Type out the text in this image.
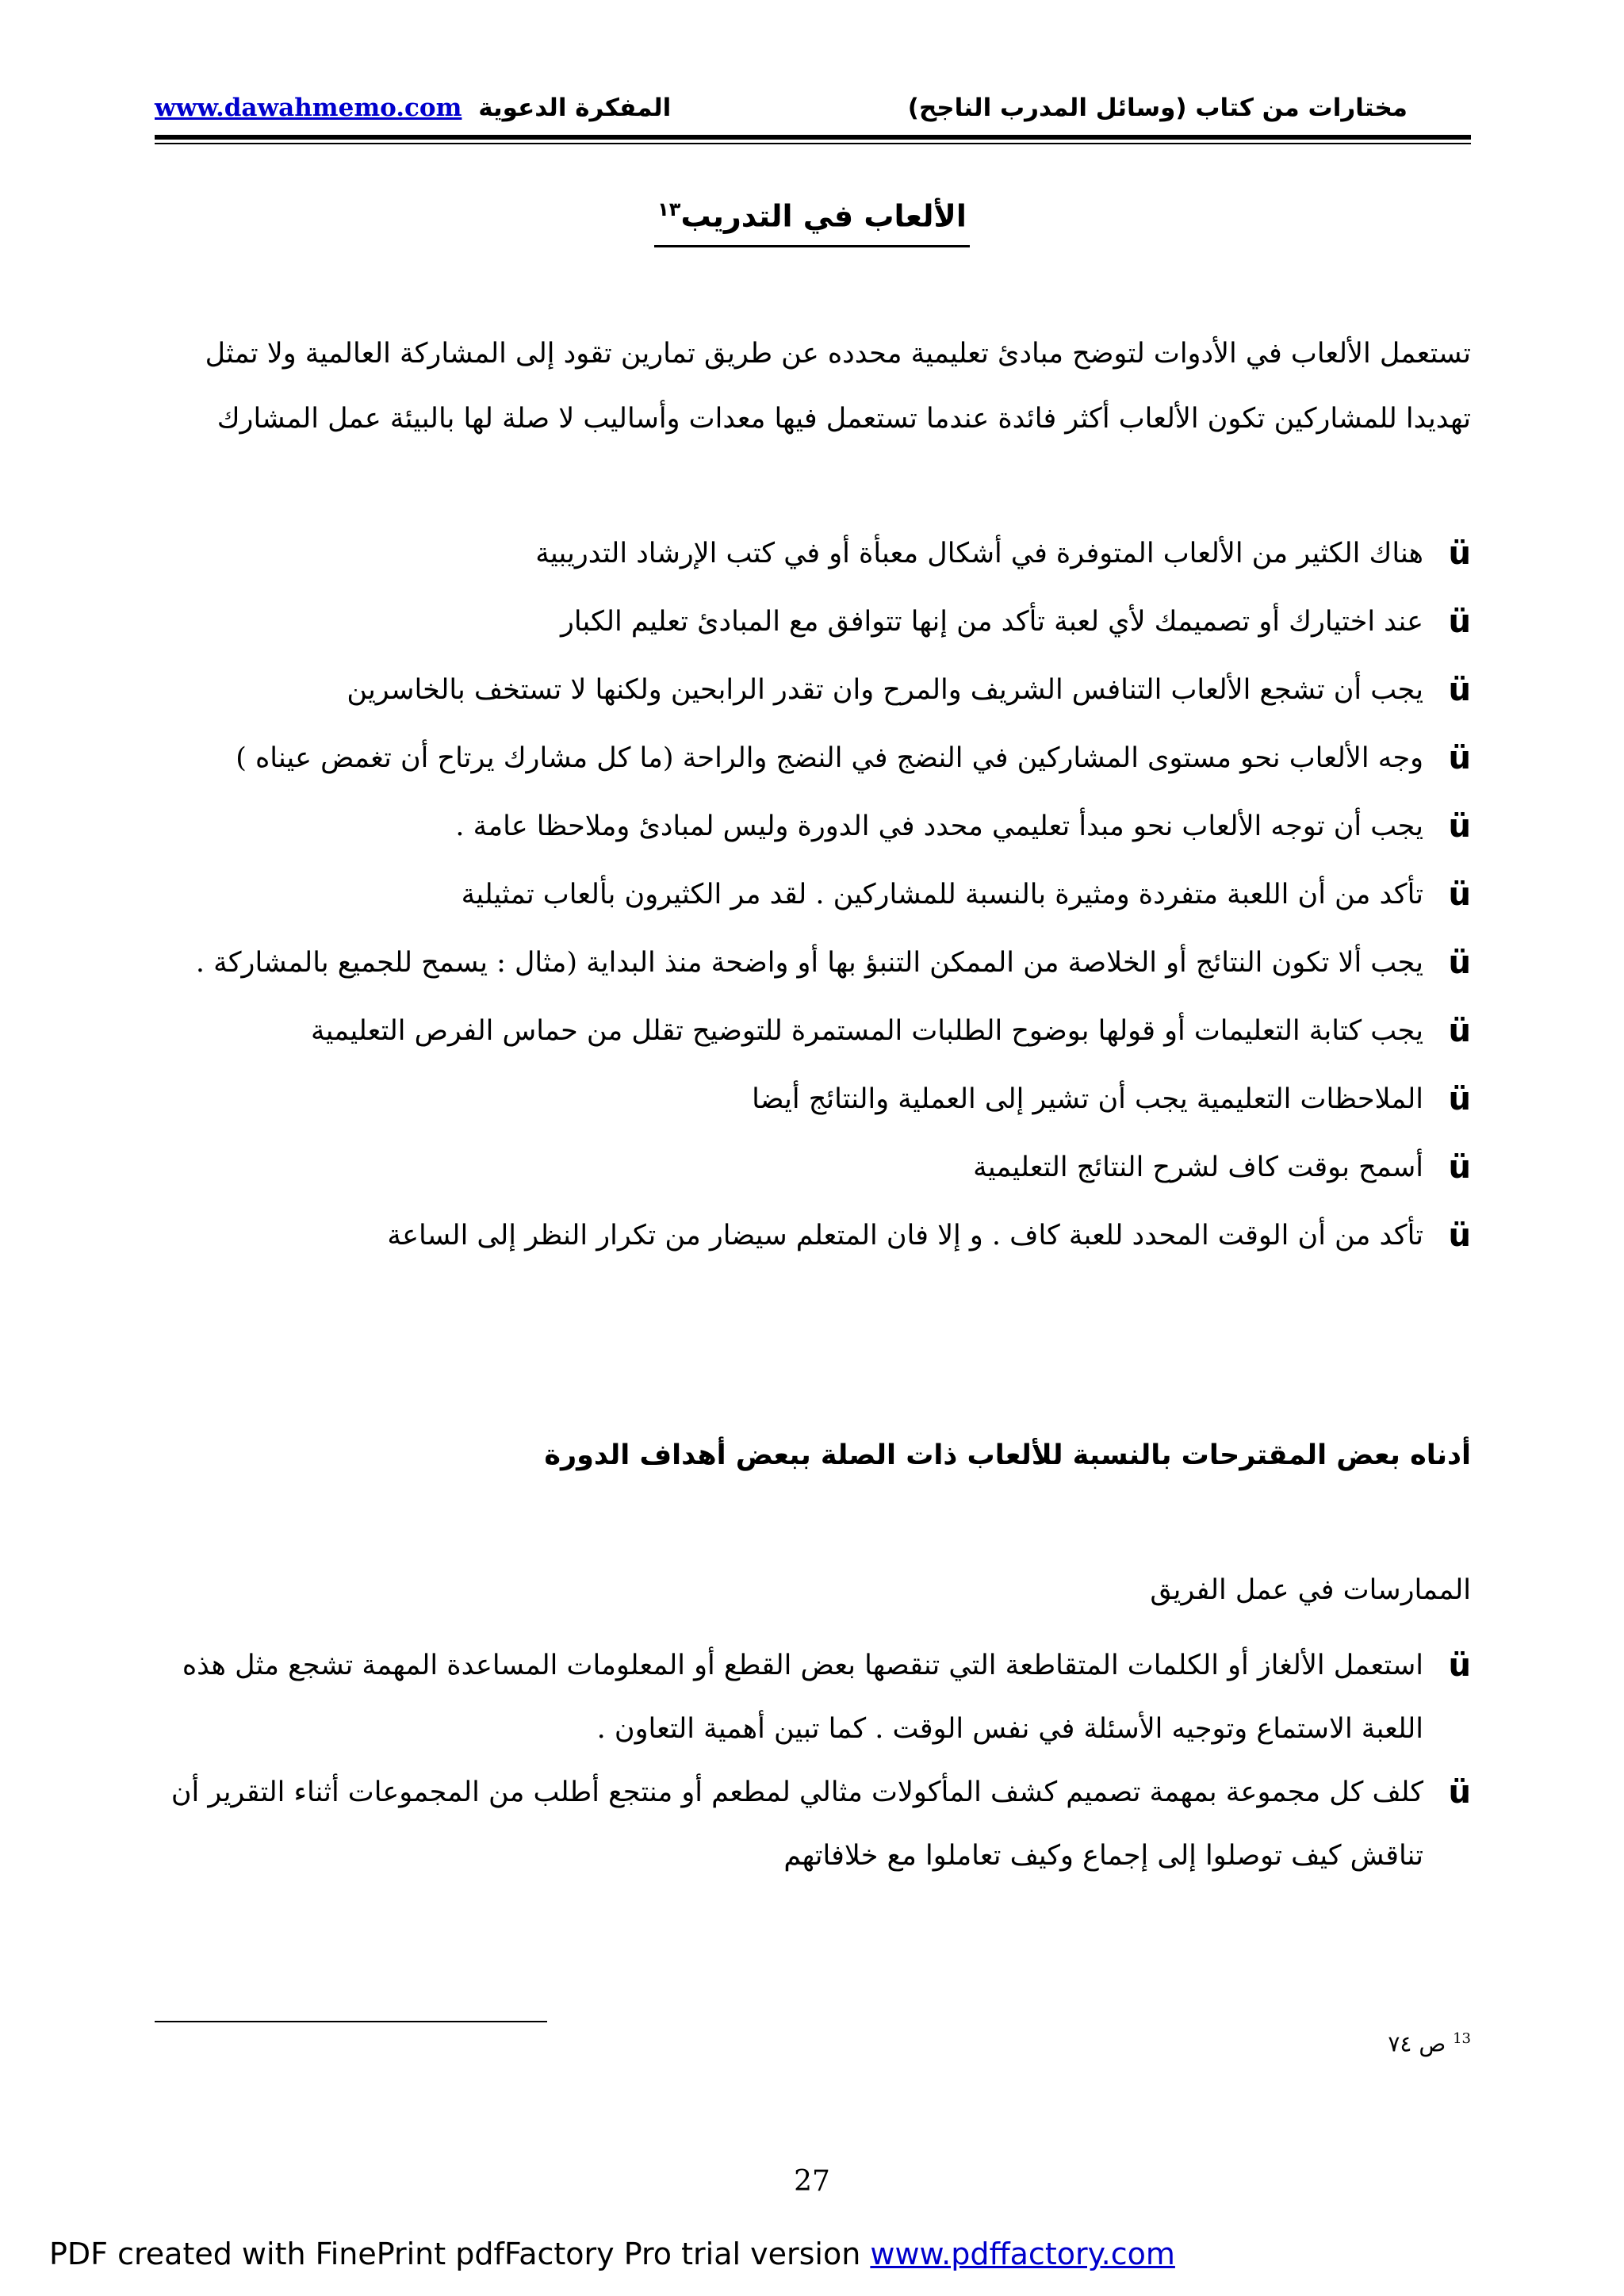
مختارات من كتاب (وسائل المدرب الناجح)
www.dawahmemo.com المفكرة الدعوية
الألعاب في التدريب$^{١٣}$
تستعمل الألعاب في الأدوات لتوضح مبادئ تعليمية محدده عن طريق تمارين تقود إلى المشاركة العالمية ولا تمثل تهديدا للمشاركين تكون الألعاب أكثر فائدة عندما تستعمل فيها معدات وأساليب لا صلة لها بالبيئة عمل المشارك
ü
هناك الكثير من الألعاب المتوفرة في أشكال معبأة أو في كتب الإرشاد التدريبية
ü
عند اختيارك أو تصميمك لأي لعبة تأكد من إنها تتوافق مع المبادئ تعليم الكبار
ü
يجب أن تشجع الألعاب التنافس الشريف والمرح وان تقدر الرابحين ولكنها لا تستخف بالخاسرين
ü
وجه الألعاب نحو مستوى المشاركين في النضج في النضج والراحة (ما كل مشارك يرتاح أن تغمض عيناه )
ü
يجب أن توجه الألعاب نحو مبدأ تعليمي محدد في الدورة وليس لمبادئ وملاحظا عامة .
ü
تأكد من أن اللعبة متفردة ومثيرة بالنسبة للمشاركين . لقد مر الكثيرون بألعاب تمثيلية
ü
يجب ألا تكون النتائج أو الخلاصة من الممكن التنبؤ بها أو واضحة منذ البداية (مثال : يسمح للجميع بالمشاركة .
ü
يجب كتابة التعليمات أو قولها بوضوح الطلبات المستمرة للتوضيح تقلل من حماس الفرص التعليمية
ü
الملاحظات التعليمية يجب أن تشير إلى العملية والنتائج أيضا
ü
أسمح بوقت كاف لشرح النتائج التعليمية
ü
تأكد من أن الوقت المحدد للعبة كاف . و إلا فان المتعلم سيضار من تكرار النظر إلى الساعة
أدناه بعض المقترحات بالنسبة للألعاب ذات الصلة ببعض أهداف الدورة
الممارسات في عمل الفريق
ü
استعمل الألغاز أو الكلمات المتقاطعة التي تنقصها بعض القطع أو المعلومات المساعدة المهمة تشجع مثل هذه اللعبة الاستماع وتوجيه الأسئلة في نفس الوقت . كما تبين أهمية التعاون .
ü
كلف كل مجموعة بمهمة تصميم كشف المأكولات مثالي لمطعم أو منتجع أطلب من المجموعات أثناء التقرير أن تناقش كيف توصلوا إلى إجماع وكيف تعاملوا مع خلافاتهم
$^{13}$ ص ٧٤
27
PDF created with FinePrint pdfFactory Pro trial version www.pdffactory.com
